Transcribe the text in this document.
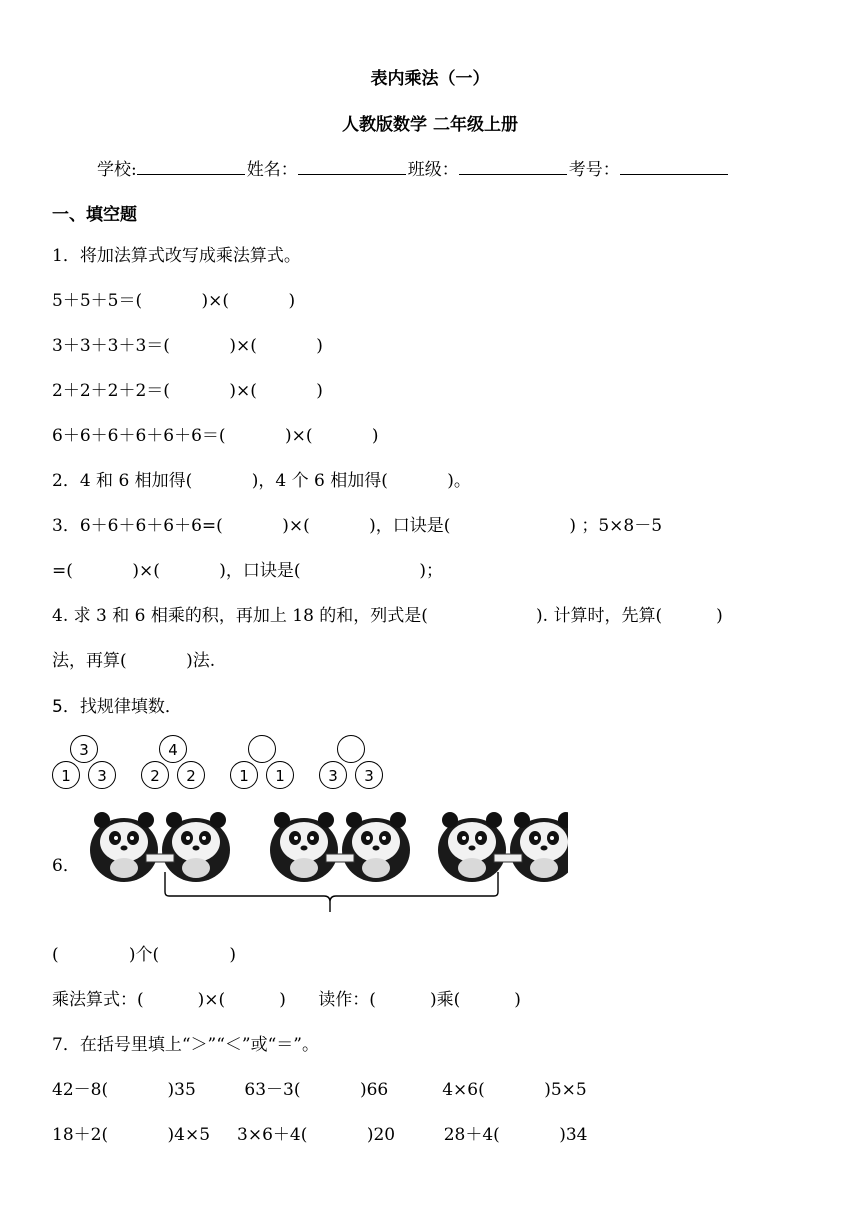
表内乘法（一）
人教版数学 二年级上册
学校:	姓名：	班级：	考号：
一、填空题
1．将加法算式改写成乘法算式。
5＋5＋5＝(           )×(           )
3＋3＋3＋3＝(           )×(           )
2＋2＋2＋2＝(           )×(           )
6＋6＋6＋6＋6＋6＝(           )×(           )
2．4 和 6 相加得(           )，4 个 6 相加得(           )。
3．6＋6＋6＋6＋6=(           )×(           )，口诀是(                      ) ；5×8－5
=(           )×(           )，口诀是(                      )；
4. 求 3 和 6 相乘的积，再加上 18 的和，列式是(                    ). 计算时，先算(          )
法，再算(           )法.
5．找规律填数．
3
1	3
4
2	2	1	1	3	3
6．
(             )个(             )
乘法算式：(          )×(          )      读作：(          )乘(          )
7．在括号里填上“＞”“＜”或“＝”。
42－8(           )35         63－3(           )66          4×6(           )5×5
18＋2(           )4×5     3×6＋4(           )20         28＋4(           )34
